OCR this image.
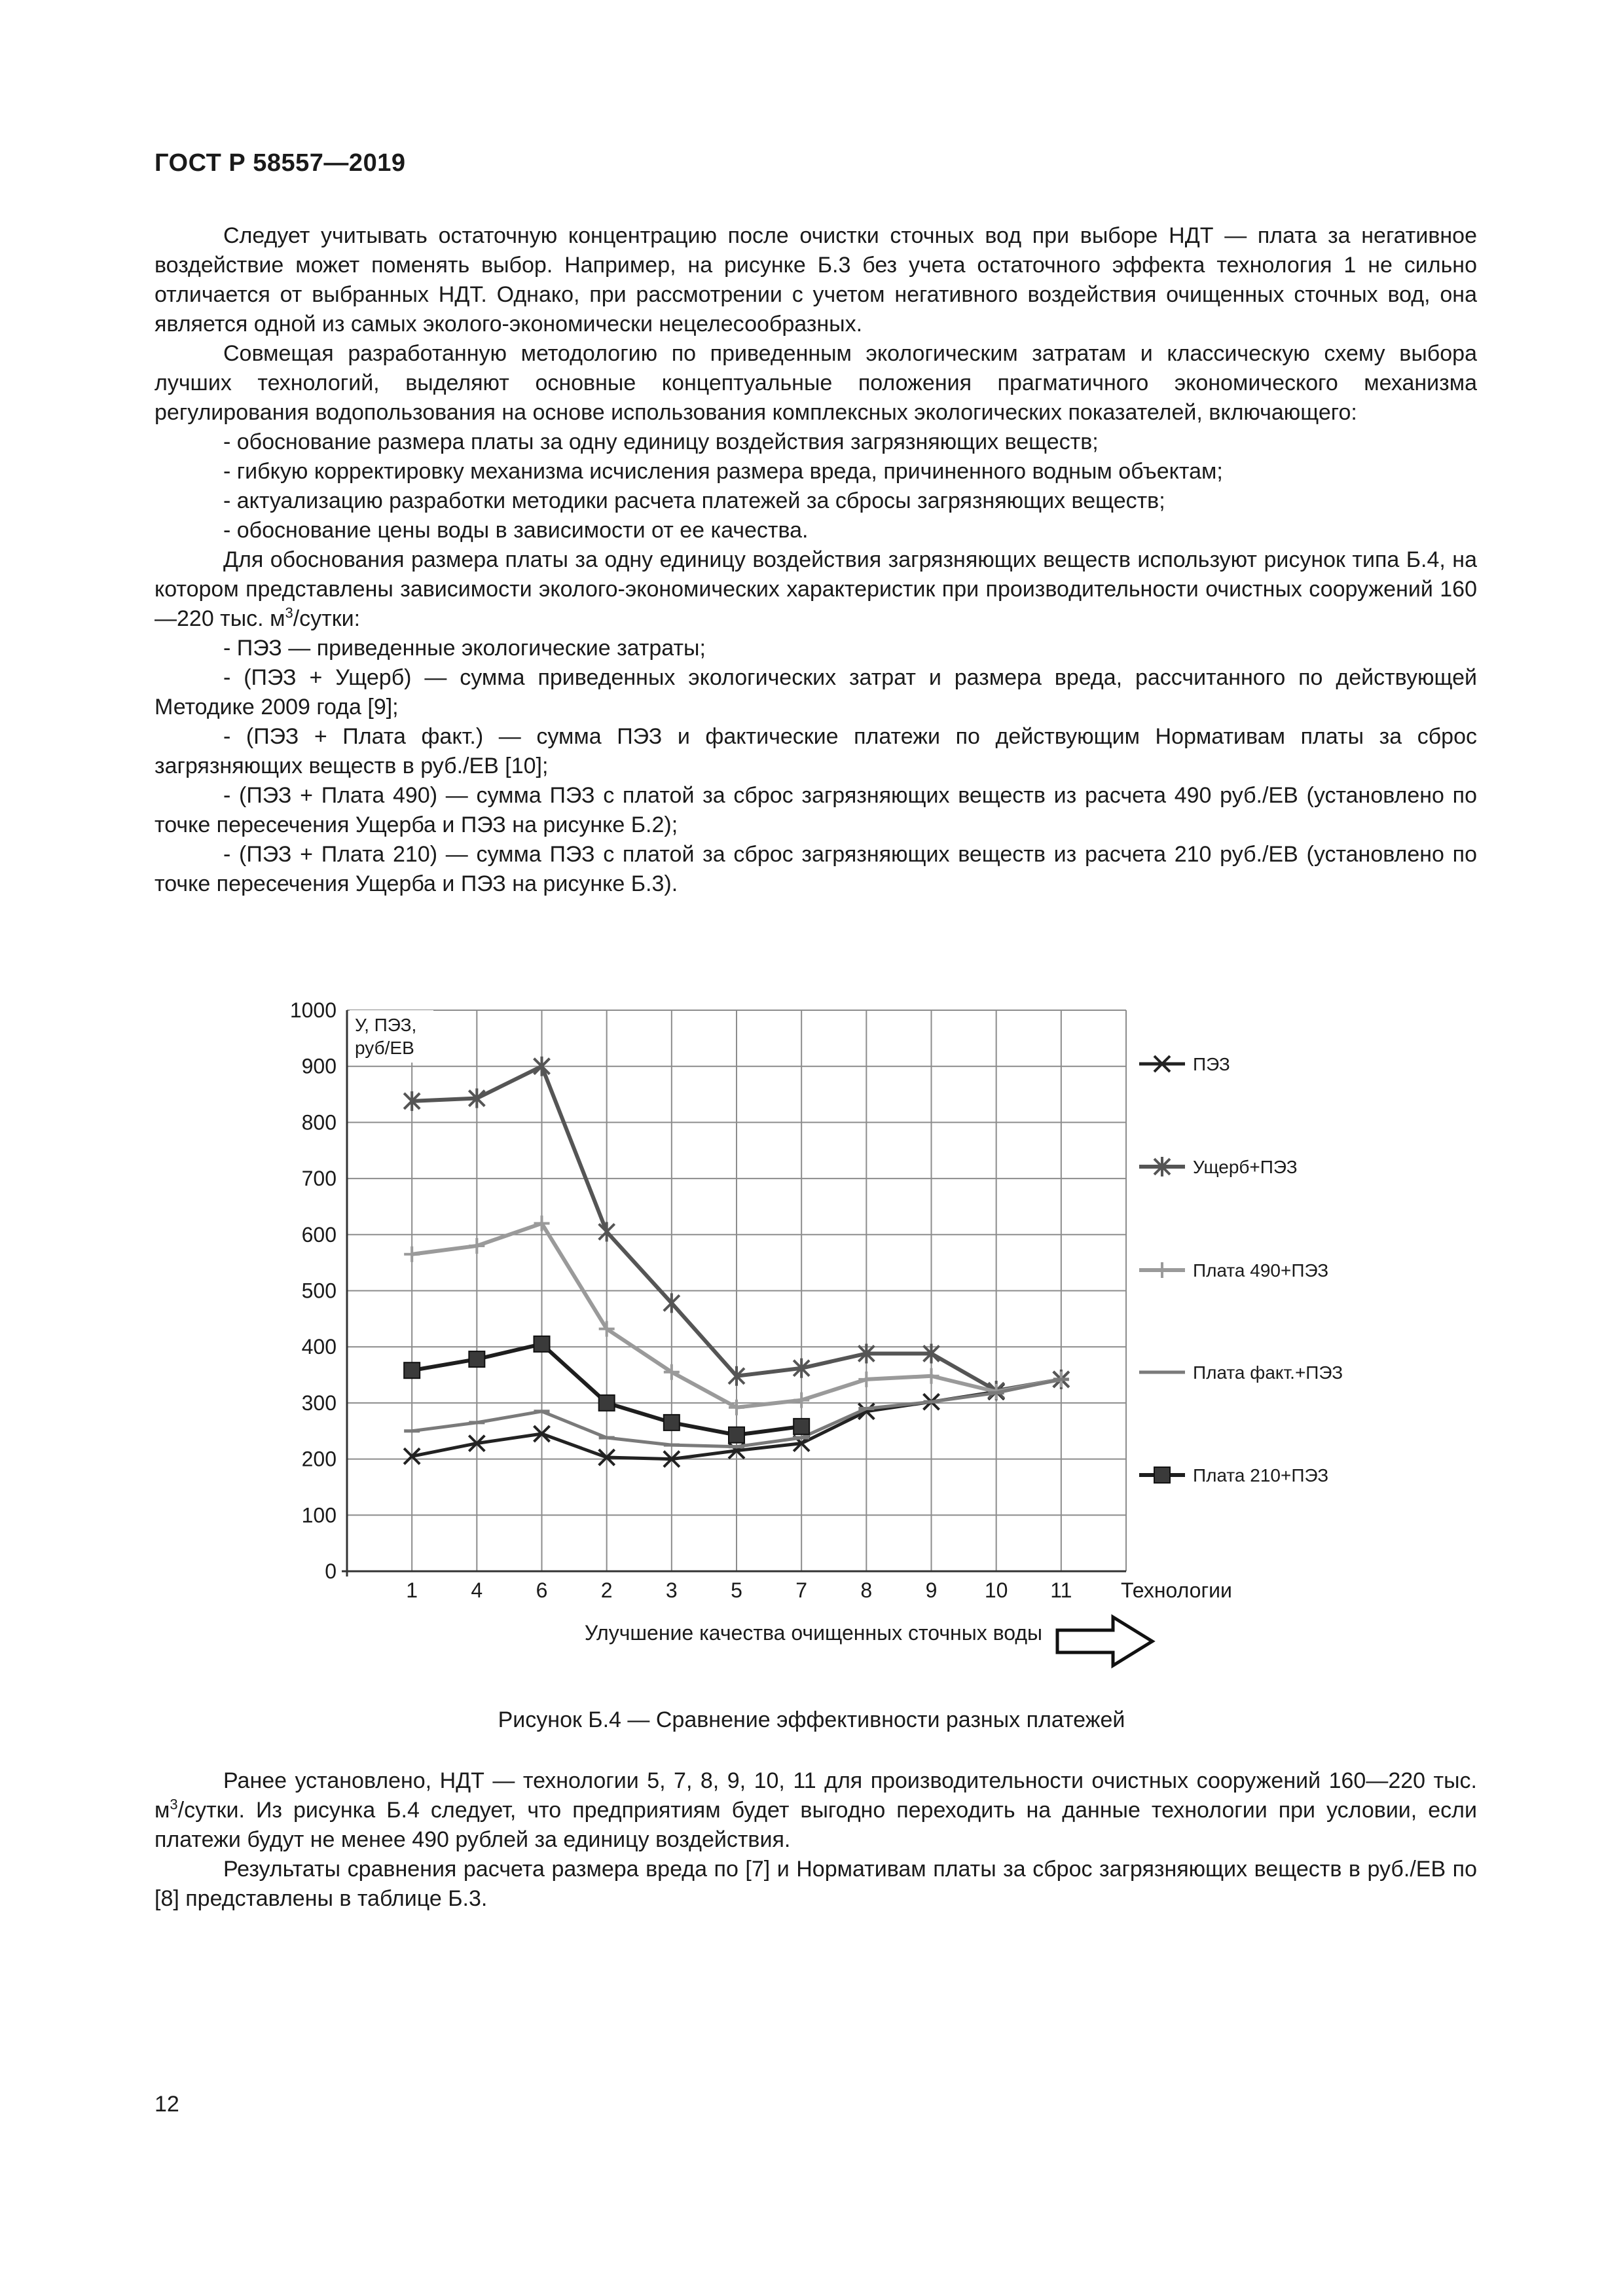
ГОСТ Р 58557—2019

Следует учитывать остаточную концентрацию после очистки сточных вод при выборе НДТ — плата за негативное воздействие может поменять выбор. Например, на рисунке Б.3 без учета остаточного эффекта технология 1 не сильно отличается от выбранных НДТ. Однако, при рассмотрении с учетом негативного воздействия очищенных сточных вод, она является одной из самых эколого-экономически нецелесообразных.

Совмещая разработанную методологию по приведенным экологическим затратам и классическую схему выбора лучших технологий, выделяют основные концептуальные положения прагматичного экономического механизма регулирования водопользования на основе использования комплексных экологических показателей, включающего:

- обоснование размера платы за одну единицу воздействия загрязняющих веществ;

- гибкую корректировку механизма исчисления размера вреда, причиненного водным объектам;

- актуализацию разработки методики расчета платежей за сбросы загрязняющих веществ;

- обоснование цены воды в зависимости от ее качества.

Для обоснования размера платы за одну единицу воздействия загрязняющих веществ используют рисунок типа Б.4, на котором представлены зависимости эколого-экономических характеристик при производительности очистных сооружений 160—220 тыс. $м^3$/сутки:

- ПЭЗ — приведенные экологические затраты;

- (ПЭЗ + Ущерб) — сумма приведенных экологических затрат и размера вреда, рассчитанного по действующей Методике 2009 года [9];

- (ПЭЗ + Плата факт.) — сумма ПЭЗ и фактические платежи по действующим Нормативам платы за сброс загрязняющих веществ в руб./ЕВ [10];

- (ПЭЗ + Плата 490) — сумма ПЭЗ с платой за сброс загрязняющих веществ из расчета 490 руб./ЕВ (установлено по точке пересечения Ущерба и ПЭЗ на рисунке Б.2);

- (ПЭЗ + Плата 210) — сумма ПЭЗ с платой за сброс загрязняющих веществ из расчета 210 руб./ЕВ (установлено по точке пересечения Ущерба и ПЭЗ на рисунке Б.3).

0
100
200
300
400
500
600
700
800
900
1000
1	4	6	2	3	5	7	8	9 10 11
ПЭЗ
Ущерб+ПЭЗ
Плата 490+ПЭЗ
Плата факт.+ПЭЗ
Плата 210+ПЭЗ
У, ПЭЗ,
руб/ЕВ
Технологии
Улучшение качества очищенных сточных воды
Рисунок Б.4 — Сравнение эффективности разных платежей

Ранее установлено, НДТ — технологии 5, 7, 8, 9, 10, 11 для производительности очистных сооружений 160—220 тыс. $м^3$/сутки. Из рисунка Б.4 следует, что предприятиям будет выгодно переходить на данные технологии при условии, если платежи будут не менее 490 рублей за единицу воздействия.

Результаты сравнения расчета размера вреда по [7] и Нормативам платы за сброс загрязняющих веществ в руб./ЕВ по [8] представлены в таблице Б.3.

12
